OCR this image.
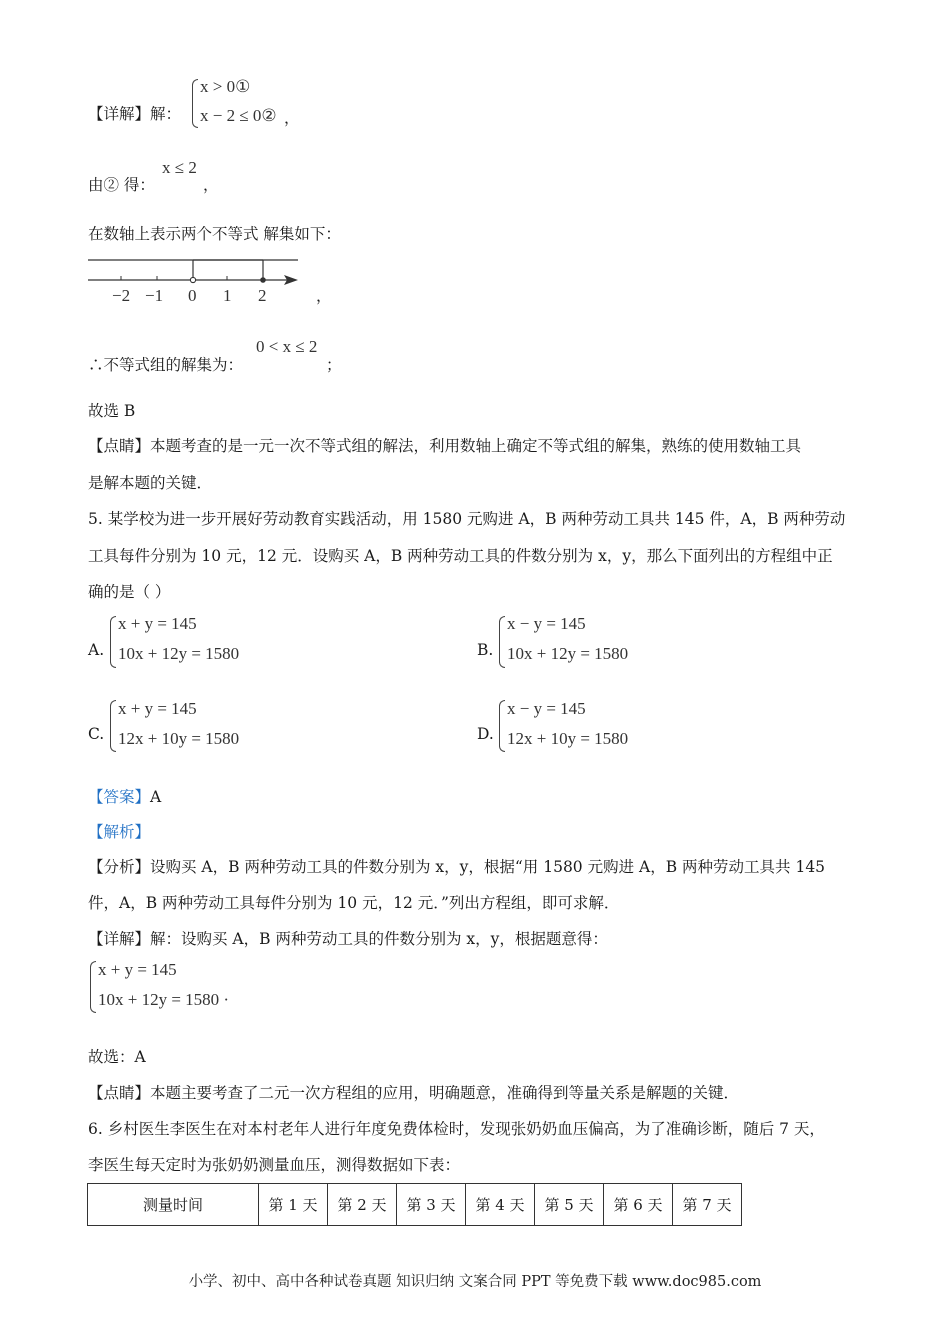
【详解】解：
x > 0①
x − 2 ≤ 0② ，
由② 得：
x ≤ 2
，
在数轴上表示两个不等式 解集如下：
−2 −1 0 1 2	，
∴不等式组的解集为：
0 < x ≤ 2
；
故选 B
【点睛】本题考查的是一元一次不等式组的解法，利用数轴上确定不等式组的解集，熟练的使用数轴工具
是解本题的关键．
5. 某学校为进一步开展好劳动教育实践活动，用 1580 元购进 A，B 两种劳动工具共 145 件，A，B 两种劳动
工具每件分别为 10 元，12 元．设购买 A，B 两种劳动工具的件数分别为 x，y，那么下面列出的方程组中正
确的是（ ）
A.
x + y = 145
10x + 12y = 1580	B.
x − y = 145
10x + 12y = 1580
C.
x + y = 145
12x + 10y = 1580	D.
x − y = 145
12x + 10y = 1580
【答案】A
【解析】
【分析】设购买 A，B 两种劳动工具的件数分别为 x，y，根据“用 1580 元购进 A，B 两种劳动工具共 145
件，A，B 两种劳动工具每件分别为 10 元，12 元．”列出方程组，即可求解．
【详解】解：设购买 A，B 两种劳动工具的件数分别为 x，y，根据题意得：
x + y = 145
10x + 12y = 1580 ·
故选：A
【点睛】本题主要考查了二元一次方程组的应用，明确题意，准确得到等量关系是解题的关键．
6. 乡村医生李医生在对本村老年人进行年度免费体检时，发现张奶奶血压偏高，为了准确诊断，随后 7 天，
李医生每天定时为张奶奶测量血压，测得数据如下表：
测量时间	第 1 天	第 2 天	第 3 天	第 4 天	第 5 天	第 6 天	第 7 天
小学、初中、高中各种试卷真题 知识归纳 文案合同 PPT 等免费下载 www.doc985.com
